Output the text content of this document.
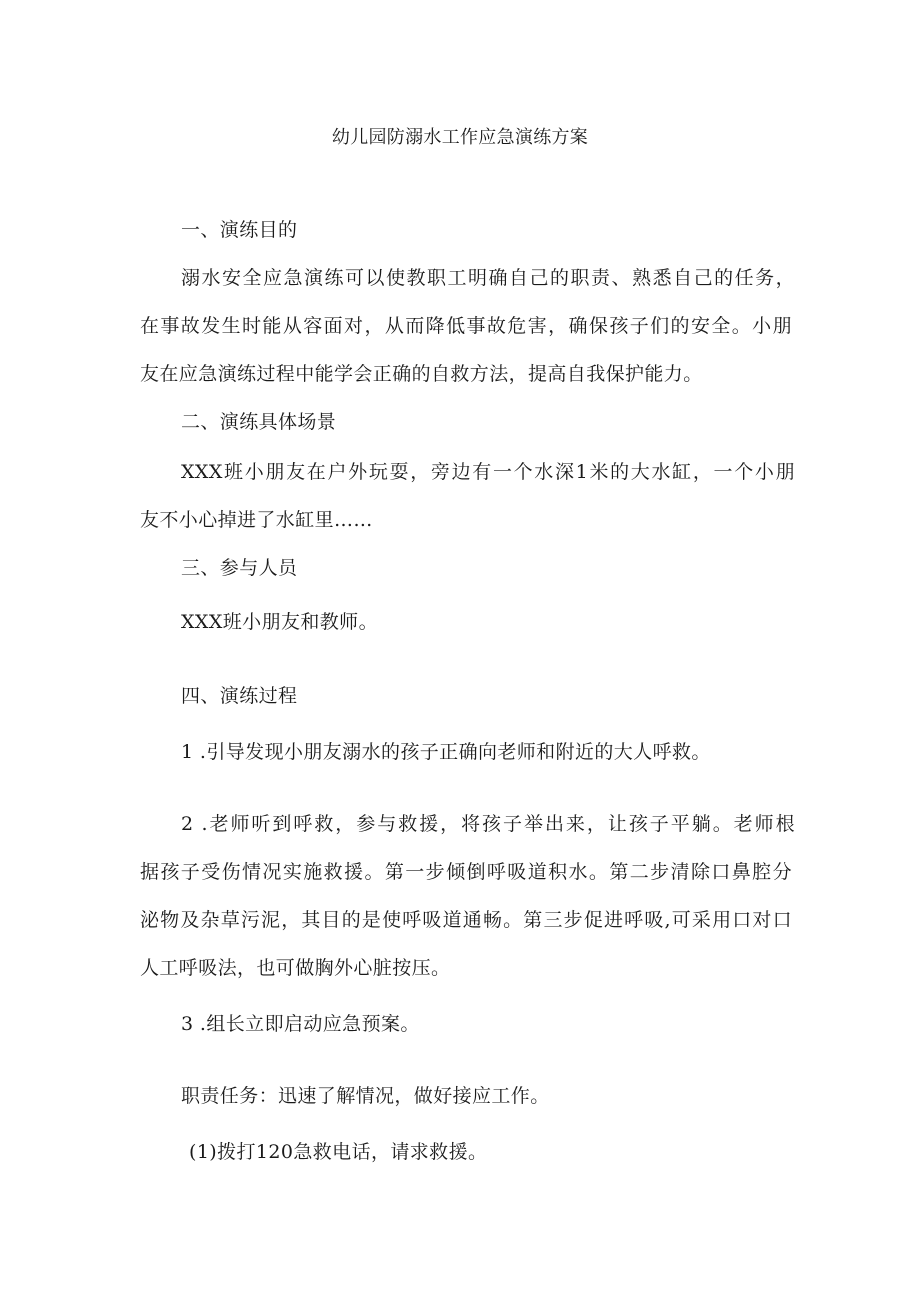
幼儿园防溺水工作应急演练方案
一、演练目的
溺水安全应急演练可以使教职工明确自己的职责、熟悉自己的任务，
在事故发生时能从容面对，从而降低事故危害，确保孩子们的安全。小朋
友在应急演练过程中能学会正确的自救方法，提高自我保护能力。
二、演练具体场景
XXX班小朋友在户外玩耍，旁边有一个水深1米的大水缸，一个小朋
友不小心掉进了水缸里……
三、参与人员
XXX班小朋友和教师。
四、演练过程
1 .引导发现小朋友溺水的孩子正确向老师和附近的大人呼救。
2 .老师听到呼救，参与救援，将孩子举出来，让孩子平躺。老师根
据孩子受伤情况实施救援。第一步倾倒呼吸道积水。第二步清除口鼻腔分
泌物及杂草污泥，其目的是使呼吸道通畅。第三步促进呼吸,可采用口对口
人工呼吸法，也可做胸外心脏按压。
3 .组长立即启动应急预案。
职责任务：迅速了解情况，做好接应工作。
(1)拨打120急救电话，请求救援。
